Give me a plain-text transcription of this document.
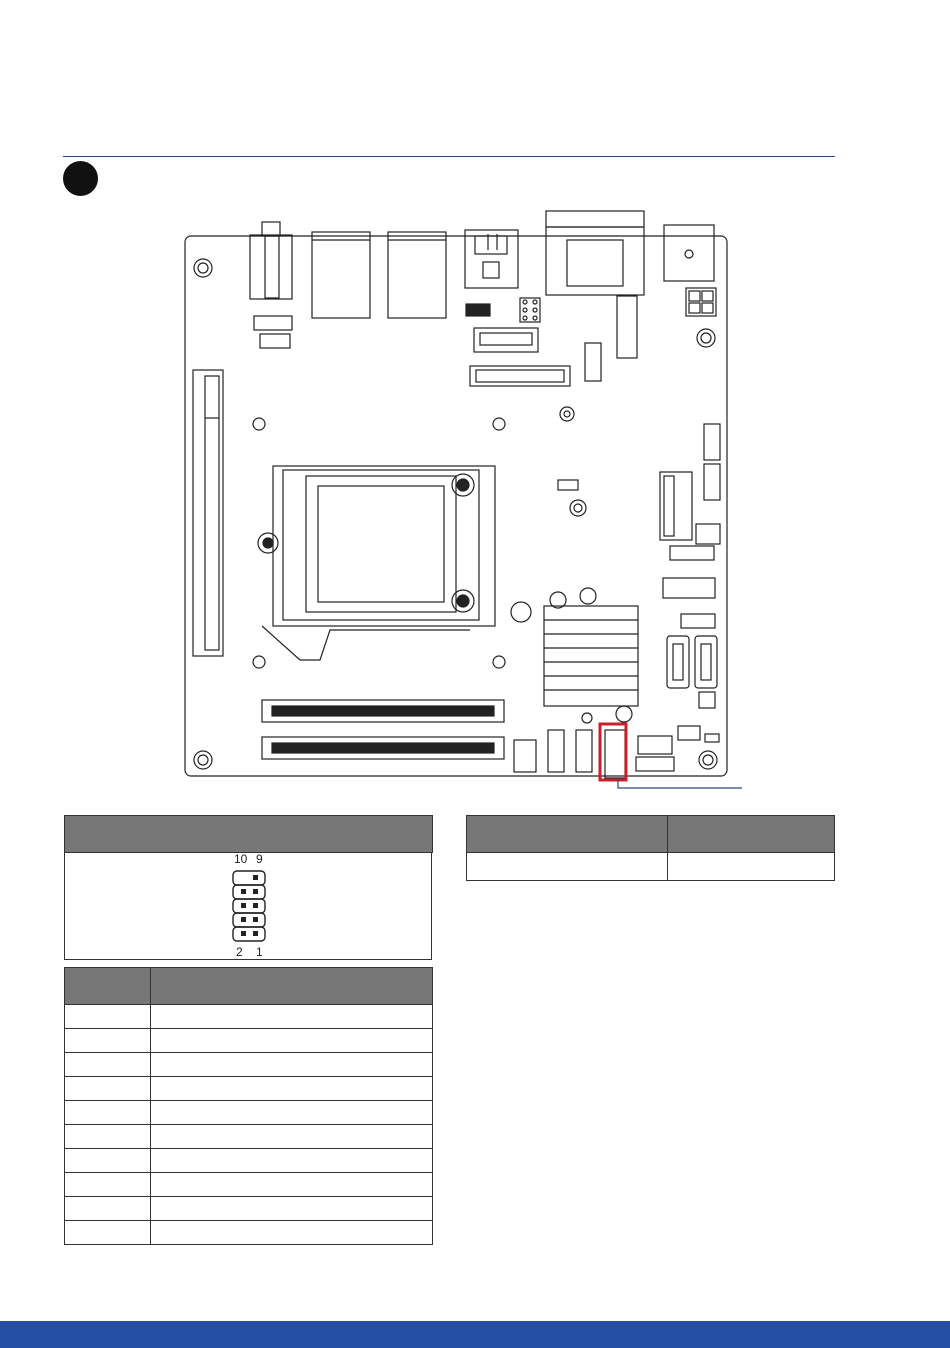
10 9
2 1
